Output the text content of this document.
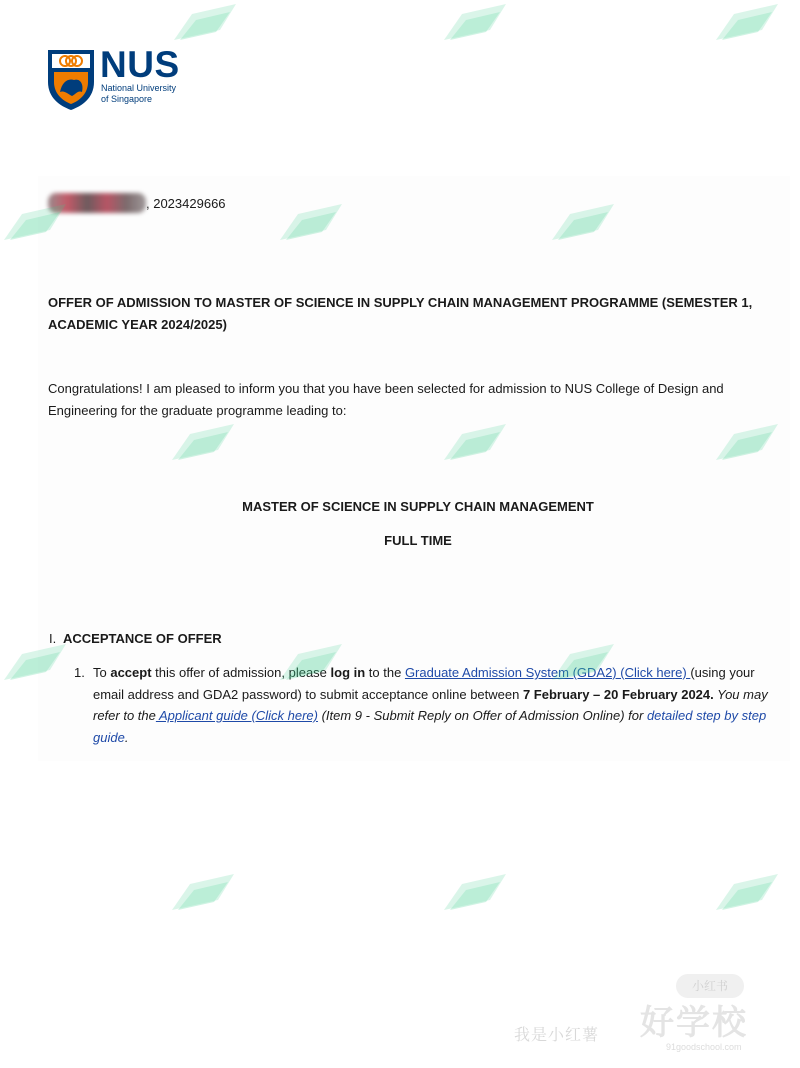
NUS
National University
of Singapore
, 2023429666
OFFER OF ADMISSION TO MASTER OF SCIENCE IN SUPPLY CHAIN MANAGEMENT PROGRAMME (SEMESTER 1, ACADEMIC YEAR 2024/2025)
Congratulations! I am pleased to inform you that you have been selected for admission to NUS College of Design and Engineering for the graduate programme leading to:
MASTER OF SCIENCE IN SUPPLY CHAIN MANAGEMENT
FULL TIME
I. ACCEPTANCE OF OFFER
1. To accept this offer of admission, please log in to the Graduate Admission System (GDA2) (Click here) (using your email address and GDA2 password) to submit acceptance online between 7 February – 20 February 2024. You may refer to the Applicant guide (Click here) (Item 9 - Submit Reply on Offer of Admission Online) for detailed step by step guide.
小红书
我是小红薯 好学校
91goodschool.com
